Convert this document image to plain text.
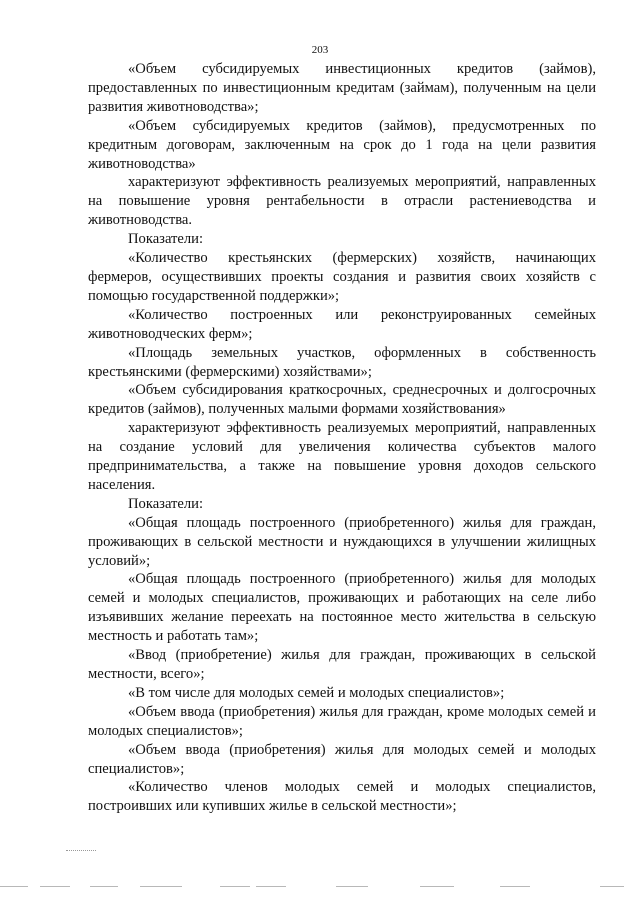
203

«Объем субсидируемых инвестиционных кредитов (займов), предоставленных по инвестиционным кредитам (займам), полученным на цели развития животноводства»;

«Объем субсидируемых кредитов (займов), предусмотренных по кредитным договорам, заключенным на срок до 1 года на цели развития животноводства»

характеризуют эффективность реализуемых мероприятий, направленных на повышение уровня рентабельности в отрасли растениеводства и животноводства.

Показатели:

«Количество крестьянских (фермерских) хозяйств, начинающих фермеров, осуществивших проекты создания и развития своих хозяйств с помощью государственной поддержки»;

«Количество построенных или реконструированных семейных животноводческих ферм»;

«Площадь земельных участков, оформленных в собственность крестьянскими (фермерскими) хозяйствами»;

«Объем субсидирования краткосрочных, среднесрочных и долгосрочных кредитов (займов), полученных малыми формами хозяйствования»

характеризуют эффективность реализуемых мероприятий, направленных на создание условий для увеличения количества субъектов малого предпринимательства, а также на повышение уровня доходов сельского населения.

Показатели:

«Общая площадь построенного (приобретенного) жилья для граждан, проживающих в сельской местности и нуждающихся в улучшении жилищных условий»;

«Общая площадь построенного (приобретенного) жилья для молодых семей и молодых специалистов, проживающих и работающих на селе либо изъявивших желание переехать на постоянное место жительства в сельскую местность и работать там»;

«Ввод (приобретение) жилья для граждан, проживающих в сельской местности, всего»;

«В том числе для молодых семей и молодых специалистов»;

«Объем ввода (приобретения) жилья для граждан, кроме молодых семей и молодых специалистов»;

«Объем ввода (приобретения) жилья для молодых семей и молодых специалистов»;

«Количество членов молодых семей и молодых специалистов, построивших или купивших жилье в сельской местности»;
